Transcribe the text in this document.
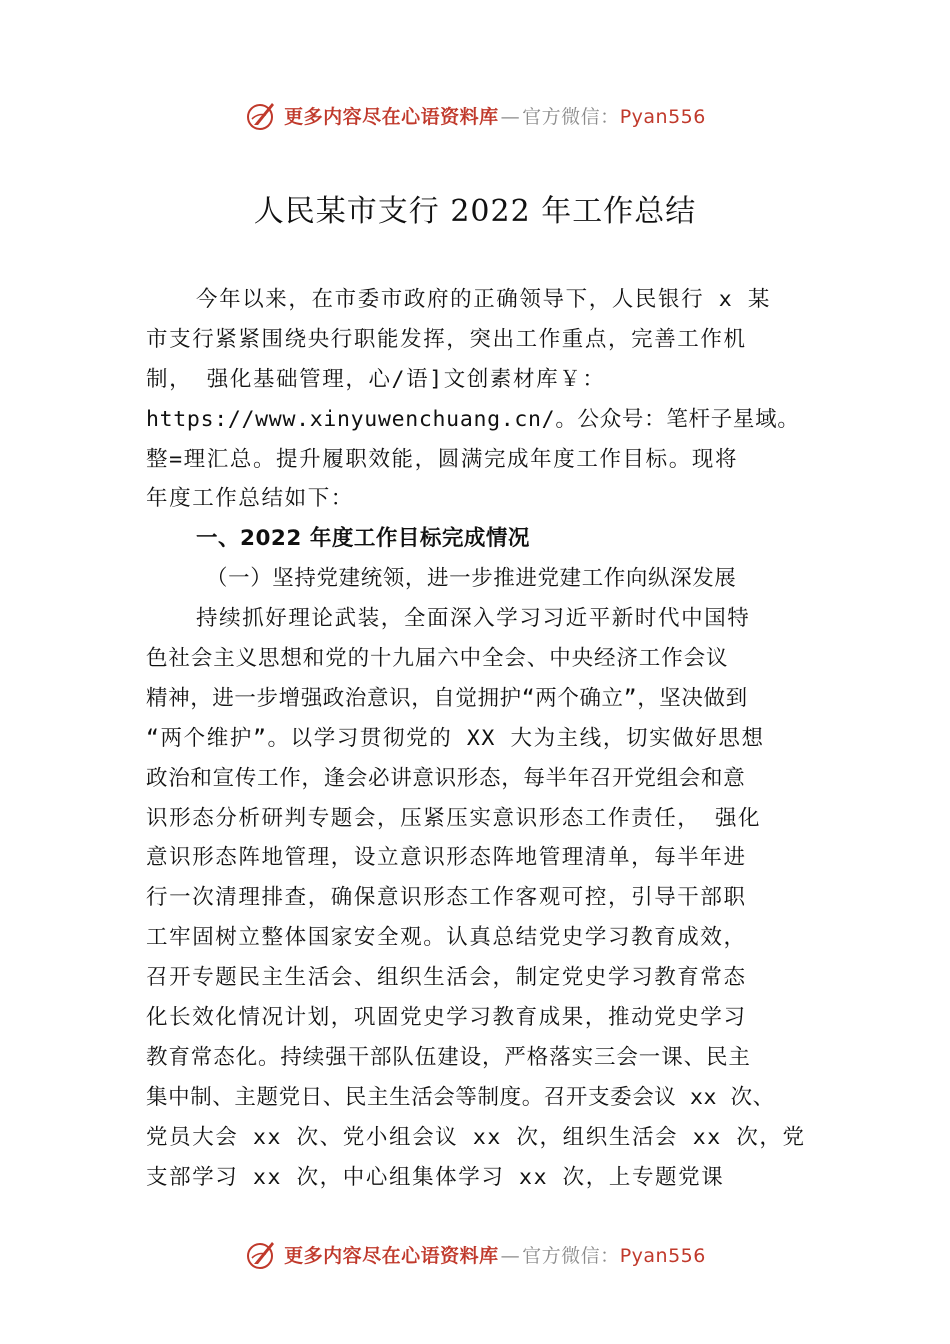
更多内容尽在心语资料库 — 官方微信：Pyan556
人民某市支行 2022 年工作总结
今年以来，在市委市政府的正确领导下，人民银行 x 某
市支行紧紧围绕央行职能发挥，突出工作重点，完善工作机
制， 强化基础管理，心/语]文创素材库￥：
https://www.xinyuwenchuang.cn/。公众号：笔杆子星域。
整=理汇总。提升履职效能，圆满完成年度工作目标。现将
年度工作总结如下：
一、2022 年度工作目标完成情况
（一）坚持党建统领，进一步推进党建工作向纵深发展
持续抓好理论武装，全面深入学习习近平新时代中国特
色社会主义思想和党的十九届六中全会、中央经济工作会议
精神，进一步增强政治意识，自觉拥护“两个确立”，坚决做到
“两个维护”。以学习贯彻党的 XX 大为主线，切实做好思想
政治和宣传工作，逢会必讲意识形态，每半年召开党组会和意
识形态分析研判专题会，压紧压实意识形态工作责任， 强化
意识形态阵地管理，设立意识形态阵地管理清单，每半年进
行一次清理排查，确保意识形态工作客观可控，引导干部职
工牢固树立整体国家安全观。认真总结党史学习教育成效，
召开专题民主生活会、组织生活会，制定党史学习教育常态
化长效化情况计划，巩固党史学习教育成果，推动党史学习
教育常态化。持续强干部队伍建设，严格落实三会一课、民主
集中制、主题党日、民主生活会等制度。召开支委会议 xx 次、
党员大会 xx 次、党小组会议 xx 次，组织生活会 xx 次，党
支部学习 xx 次，中心组集体学习 xx 次，上专题党课
更多内容尽在心语资料库 — 官方微信：Pyan556
